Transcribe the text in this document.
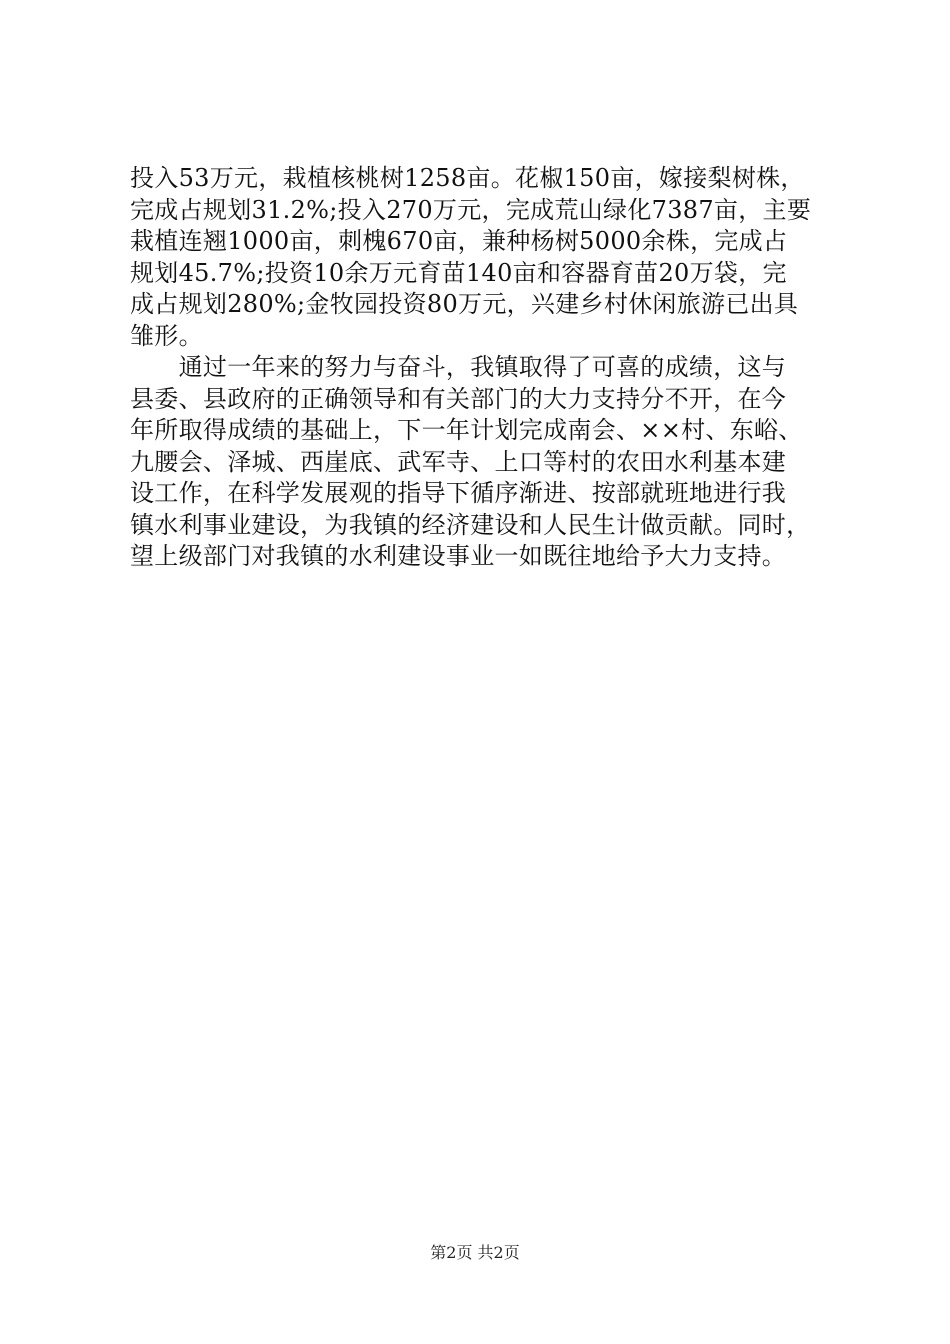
投入53万元，栽植核桃树1258亩。花椒150亩，嫁接梨树株，
完成占规划31.2%;投入270万元，完成荒山绿化7387亩，主要
栽植连翘1000亩，刺槐670亩，兼种杨树5000余株，完成占
规划45.7%;投资10余万元育苗140亩和容器育苗20万袋，完
成占规划280%;金牧园投资80万元，兴建乡村休闲旅游已出具
雏形。
　　通过一年来的努力与奋斗，我镇取得了可喜的成绩，这与
县委、县政府的正确领导和有关部门的大力支持分不开，在今
年所取得成绩的基础上，下一年计划完成南会、××村、东峪、
九腰会、泽城、西崖底、武军寺、上口等村的农田水利基本建
设工作，在科学发展观的指导下循序渐进、按部就班地进行我
镇水利事业建设，为我镇的经济建设和人民生计做贡献。同时，
望上级部门对我镇的水利建设事业一如既往地给予大力支持。
第2页 共2页
